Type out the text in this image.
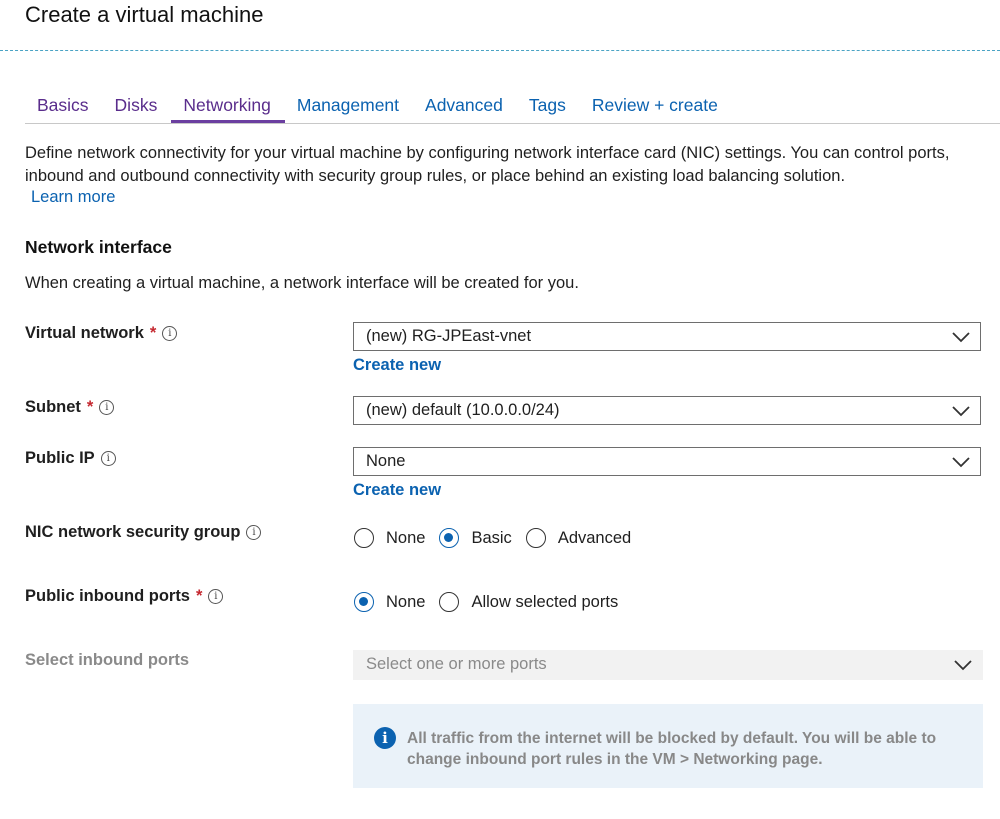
Create a virtual machine
Basics	Disks	Networking	Management	Advanced	Tags	Review + create
Define network connectivity for your virtual machine by configuring network interface card (NIC) settings. You can control ports, inbound and outbound connectivity with security group rules, or place behind an existing load balancing solution.
Learn more
Network interface
When creating a virtual machine, a network interface will be created for you.
Virtual network *	i	(new) RG-JPEast-vnet
Create new
Subnet *	i	(new) default (10.0.0.0/24)
Public IP	i	None
Create new
NIC network security group	i	None	Basic	Advanced
Public inbound ports *	i	None	Allow selected ports
Select inbound ports	Select one or more ports
i	All traffic from the internet will be blocked by default. You will be able to change inbound port rules in the VM > Networking page.
